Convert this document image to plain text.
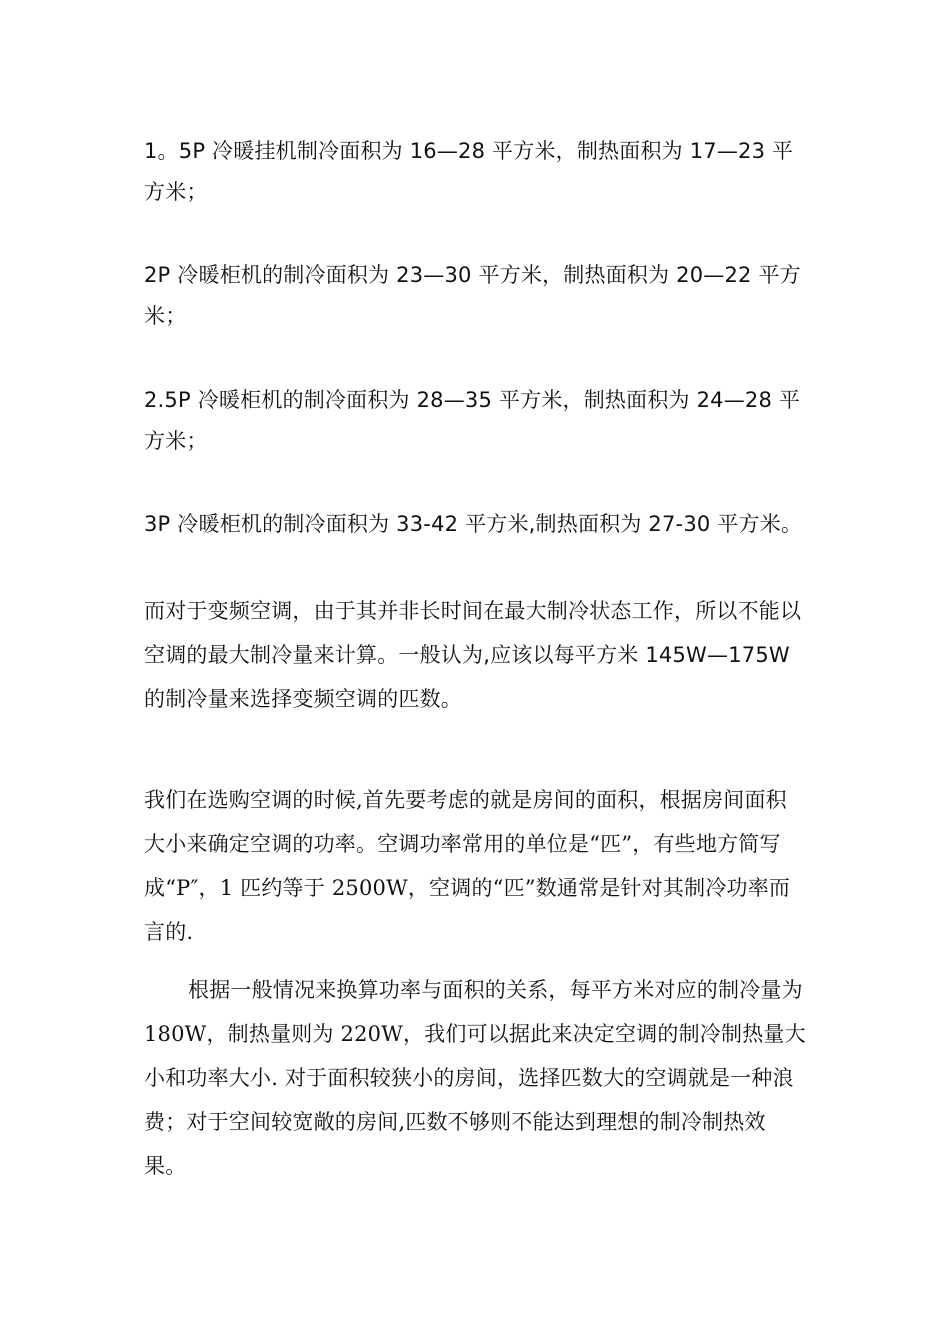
1。5P 冷暖挂机制冷面积为 16—28 平方米，制热面积为 17—23 平方米；

2P 冷暖柜机的制冷面积为 23—30 平方米，制热面积为 20—22 平方米；

2.5P 冷暖柜机的制冷面积为 28—35 平方米，制热面积为 24—28 平方米；

3P 冷暖柜机的制冷面积为 33-42 平方米,制热面积为 27-30 平方米。

而对于变频空调，由于其并非长时间在最大制冷状态工作，所以不能以空调的最大制冷量来计算。一般认为,应该以每平方米 145W—175W 的制冷量来选择变频空调的匹数。

我们在选购空调的时候,首先要考虑的就是房间的面积，根据房间面积大小来确定空调的功率。空调功率常用的单位是“匹”，有些地方简写成“P″，1 匹约等于 2500W，空调的“匹”数通常是针对其制冷功率而言的.

根据一般情况来换算功率与面积的关系，每平方米对应的制冷量为 180W，制热量则为 220W，我们可以据此来决定空调的制冷制热量大小和功率大小. 对于面积较狭小的房间，选择匹数大的空调就是一种浪费；对于空间较宽敞的房间,匹数不够则不能达到理想的制冷制热效果。
